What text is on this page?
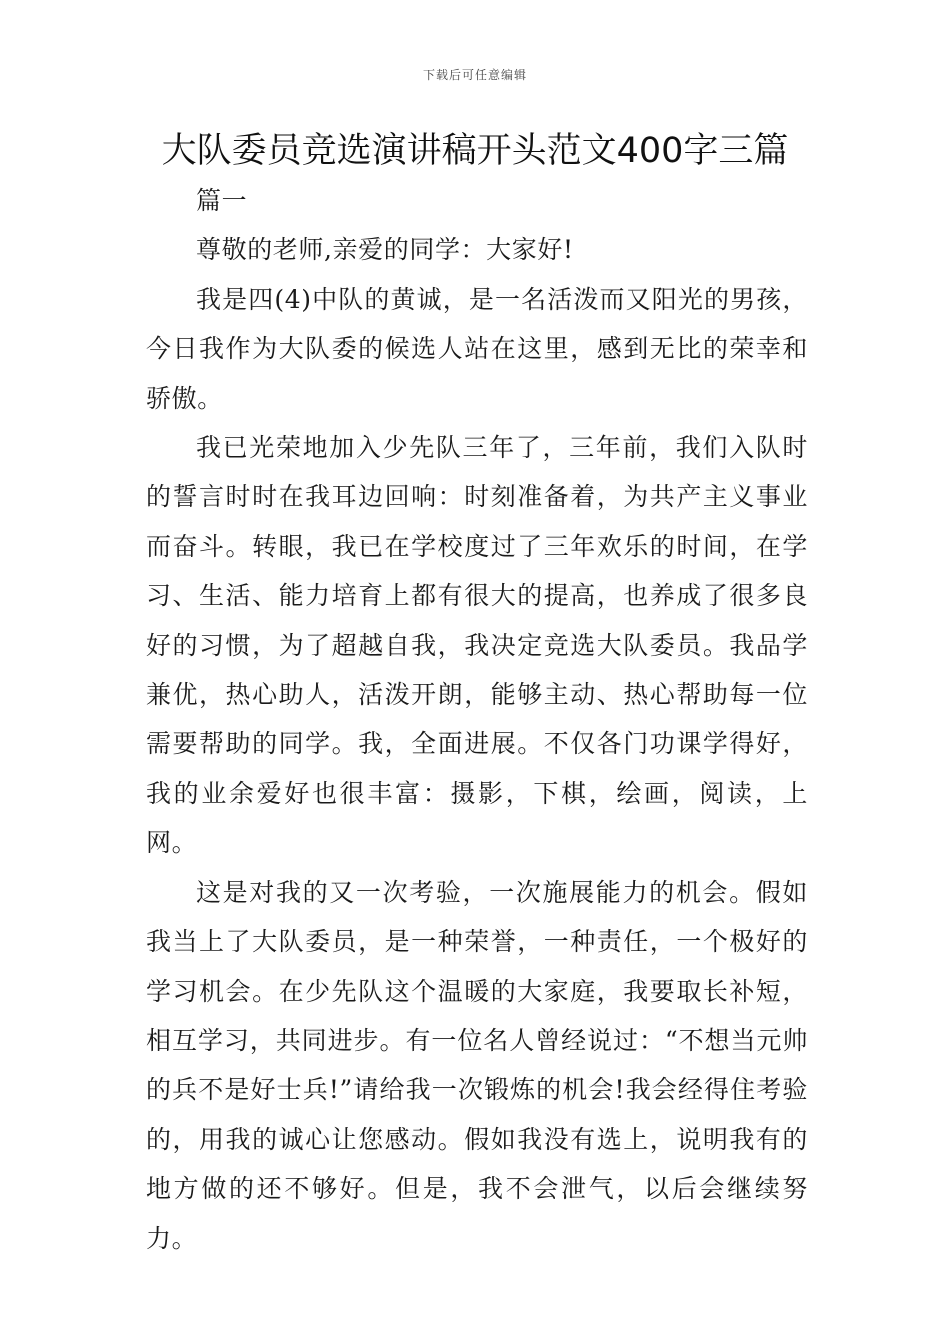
下载后可任意编辑
大队委员竞选演讲稿开头范文400字三篇

篇一

尊敬的老师,亲爱的同学：大家好!

我是四(4)中队的黄诚，是一名活泼而又阳光的男孩，今日我作为大队委的候选人站在这里，感到无比的荣幸和骄傲。

我已光荣地加入少先队三年了，三年前，我们入队时的誓言时时在我耳边回响：时刻准备着，为共产主义事业而奋斗。转眼，我已在学校度过了三年欢乐的时间，在学习、生活、能力培育上都有很大的提高，也养成了很多良好的习惯，为了超越自我，我决定竞选大队委员。我品学兼优，热心助人，活泼开朗，能够主动、热心帮助每一位需要帮助的同学。我，全面进展。不仅各门功课学得好，我的业余爱好也很丰富：摄影，下棋，绘画，阅读，上网。

这是对我的又一次考验，一次施展能力的机会。假如我当上了大队委员，是一种荣誉，一种责任，一个极好的学习机会。在少先队这个温暖的大家庭，我要取长补短，相互学习，共同进步。有一位名人曾经说过：“不想当元帅的兵不是好士兵!”请给我一次锻炼的机会!我会经得住考验的，用我的诚心让您感动。假如我没有选上，说明我有的地方做的还不够好。但是，我不会泄气，以后会继续努力。
